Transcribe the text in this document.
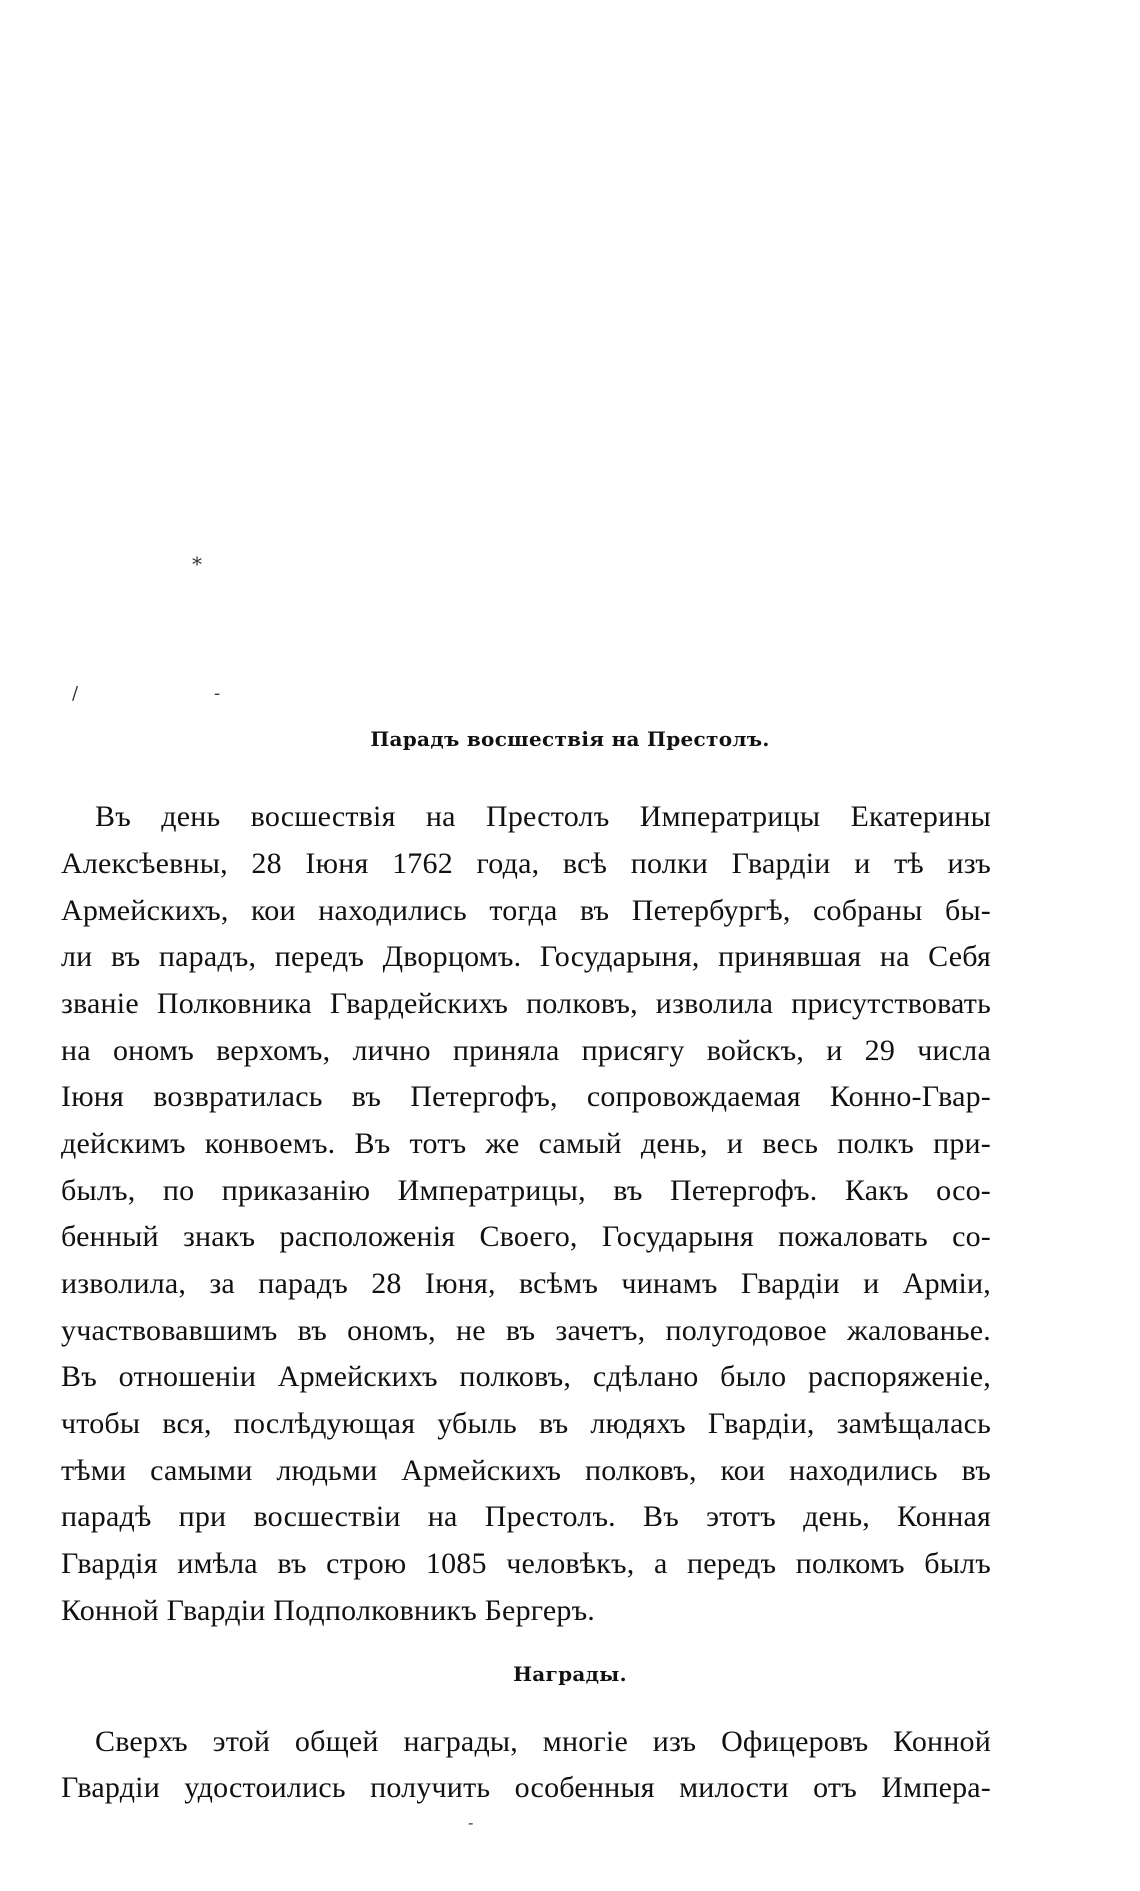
*
/	-
Парадъ восшествія на Престолъ.
Въ день восшествія на Престолъ Императрицы Екатерины
Алексѣевны, 28 Іюня 1762 года, всѣ полки Гвардіи и тѣ изъ
Армейскихъ, кои находились тогда въ Петербургѣ, собраны бы-
ли въ парадъ, передъ Дворцомъ. Государыня, принявшая на Себя
званіе Полковника Гвардейскихъ полковъ, изволила присутствовать
на ономъ верхомъ, лично приняла присягу войскъ, и 29 числа
Іюня возвратилась въ Петергофъ, сопровождаемая Конно-Гвар-
дейскимъ конвоемъ. Въ тотъ же самый день, и весь полкъ при-
былъ, по приказанію Императрицы, въ Петергофъ. Какъ осо-
бенный знакъ расположенія Своего, Государыня пожаловать со-
изволила, за парадъ 28 Іюня, всѣмъ чинамъ Гвардіи и Арміи,
участвовавшимъ въ ономъ, не въ зачетъ, полугодовое жалованье.
Въ отношеніи Армейскихъ полковъ, сдѣлано было распоряженіе,
чтобы вся, послѣдующая убыль въ людяхъ Гвардіи, замѣщалась
тѣми самыми людьми Армейскихъ полковъ, кои находились въ
парадѣ при восшествіи на Престолъ. Въ этотъ день, Конная
Гвардія имѣла въ строю 1085 человѣкъ, а передъ полкомъ былъ
Конной Гвардіи Подполковникъ Бергеръ.
Награды.
Сверхъ этой общей награды, многіе изъ Офицеровъ Конной
Гвардіи удостоились получить особенныя милости отъ Импера-
-
